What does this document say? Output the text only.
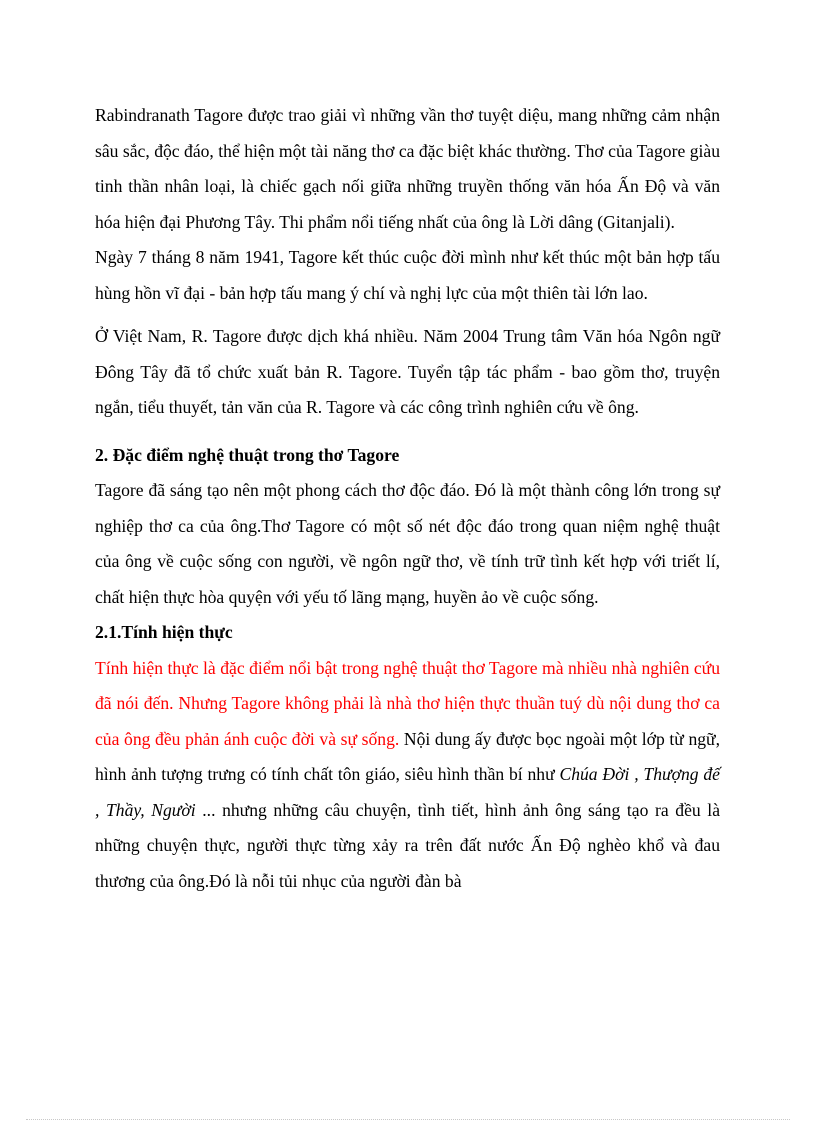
Rabindranath Tagore được trao giải vì những vần thơ tuyệt diệu, mang những cảm nhận sâu sắc, độc đáo, thể hiện một tài năng thơ ca đặc biệt khác thường. Thơ của Tagore giàu tinh thần nhân loại, là chiếc gạch nối giữa những truyền thống văn hóa Ấn Độ và văn hóa hiện đại Phương Tây. Thi phẩm nổi tiếng nhất của ông là Lời dâng (Gitanjali).

Ngày 7 tháng 8 năm 1941, Tagore kết thúc cuộc đời mình như kết thúc một bản hợp tấu hùng hồn vĩ đại - bản hợp tấu mang ý chí và nghị lực của một thiên tài lớn lao.

Ở Việt Nam, R. Tagore được dịch khá nhiều. Năm 2004 Trung tâm Văn hóa Ngôn ngữ Đông Tây đã tổ chức xuất bản R. Tagore. Tuyển tập tác phẩm - bao gồm thơ, truyện ngắn, tiểu thuyết, tản văn của R. Tagore và các công trình nghiên cứu về ông.

2. Đặc điểm nghệ thuật trong thơ Tagore

Tagore đã sáng tạo nên một phong cách thơ độc đáo. Đó là một thành công lớn trong sự nghiệp thơ ca của ông.Thơ Tagore có một số nét độc đáo trong quan niệm nghệ thuật của ông về cuộc sống con người, về ngôn ngữ thơ, về tính trữ tình kết hợp với triết lí, chất hiện thực hòa quyện với yếu tố lãng mạng, huyền ảo về cuộc sống.

2.1.Tính hiện thực

Tính hiện thực là đặc điểm nổi bật trong nghệ thuật thơ Tagore mà nhiều nhà nghiên cứu đã nói đến. Nhưng Tagore không phải là nhà thơ hiện thực thuần tuý dù nội dung thơ ca của ông đều phản ánh cuộc đời và sự sống. Nội dung ấy được bọc ngoài một lớp từ ngữ, hình ảnh tượng trưng có tính chất tôn giáo, siêu hình thần bí như Chúa Đời , Thượng đế , Thầy, Người ... nhưng những câu chuyện, tình tiết, hình ảnh ông sáng tạo ra đều là những chuyện thực, người thực từng xảy ra trên đất nước Ấn Độ nghèo khổ và đau thương của ông.Đó là nỗi tủi nhục của người đàn bà
